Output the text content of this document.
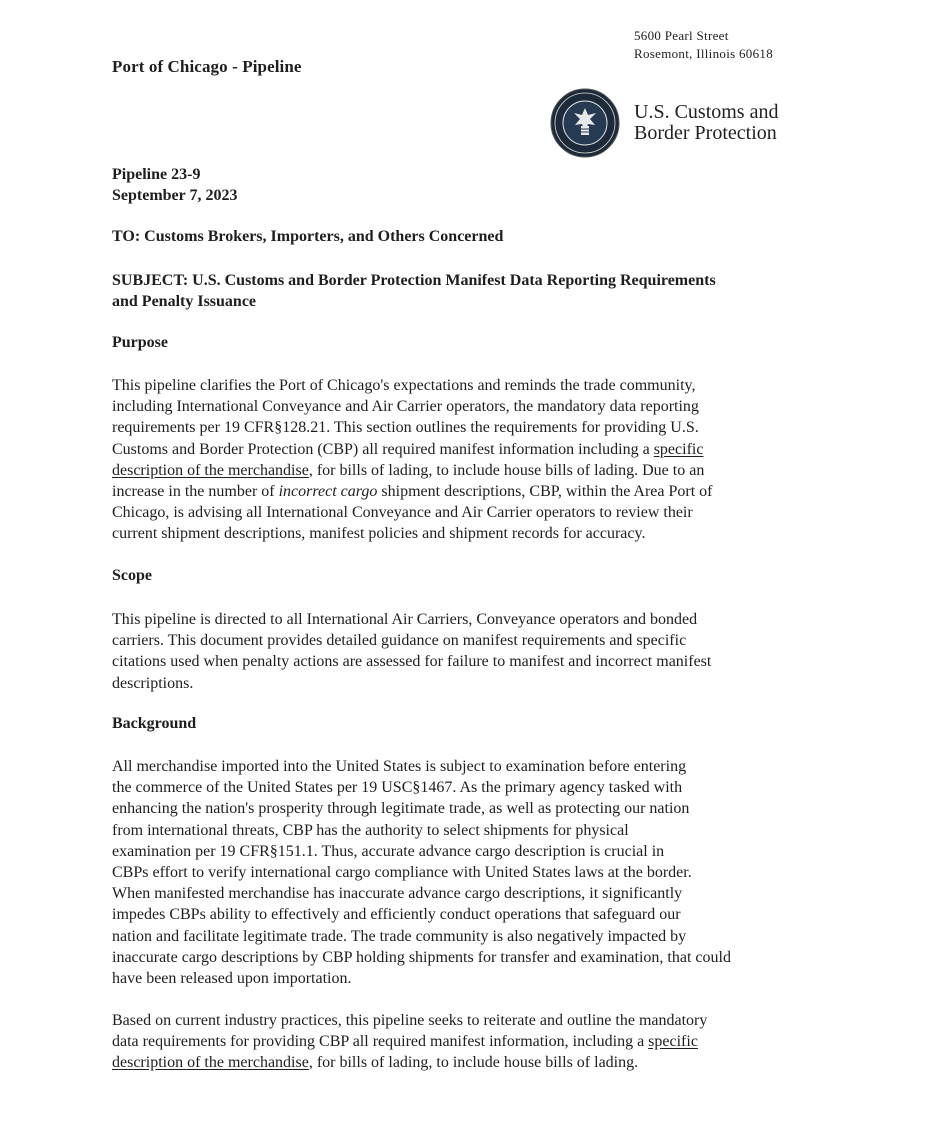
Port of Chicago - Pipeline
5600 Pearl Street
Rosemont, Illinois 60618
U.S. Customs and
Border Protection
Pipeline 23-9
September 7, 2023
TO: Customs Brokers, Importers, and Others Concerned
SUBJECT: U.S. Customs and Border Protection Manifest Data Reporting Requirements
and Penalty Issuance
Purpose
This pipeline clarifies the Port of Chicago's expectations and reminds the trade community,
including International Conveyance and Air Carrier operators, the mandatory data reporting
requirements per 19 CFR§128.21. This section outlines the requirements for providing U.S.
Customs and Border Protection (CBP) all required manifest information including a specific
description of the merchandise, for bills of lading, to include house bills of lading. Due to an
increase in the number of incorrect cargo shipment descriptions, CBP, within the Area Port of
Chicago, is advising all International Conveyance and Air Carrier operators to review their
current shipment descriptions, manifest policies and shipment records for accuracy.
Scope
This pipeline is directed to all International Air Carriers, Conveyance operators and bonded
carriers. This document provides detailed guidance on manifest requirements and specific
citations used when penalty actions are assessed for failure to manifest and incorrect manifest
descriptions.
Background
All merchandise imported into the United States is subject to examination before entering
the commerce of the United States per 19 USC§1467. As the primary agency tasked with
enhancing the nation's prosperity through legitimate trade, as well as protecting our nation
from international threats, CBP has the authority to select shipments for physical
examination per 19 CFR§151.1. Thus, accurate advance cargo description is crucial in
CBPs effort to verify international cargo compliance with United States laws at the border.
When manifested merchandise has inaccurate advance cargo descriptions, it significantly
impedes CBPs ability to effectively and efficiently conduct operations that safeguard our
nation and facilitate legitimate trade. The trade community is also negatively impacted by
inaccurate cargo descriptions by CBP holding shipments for transfer and examination, that could
have been released upon importation.
Based on current industry practices, this pipeline seeks to reiterate and outline the mandatory
data requirements for providing CBP all required manifest information, including a specific
description of the merchandise, for bills of lading, to include house bills of lading.
